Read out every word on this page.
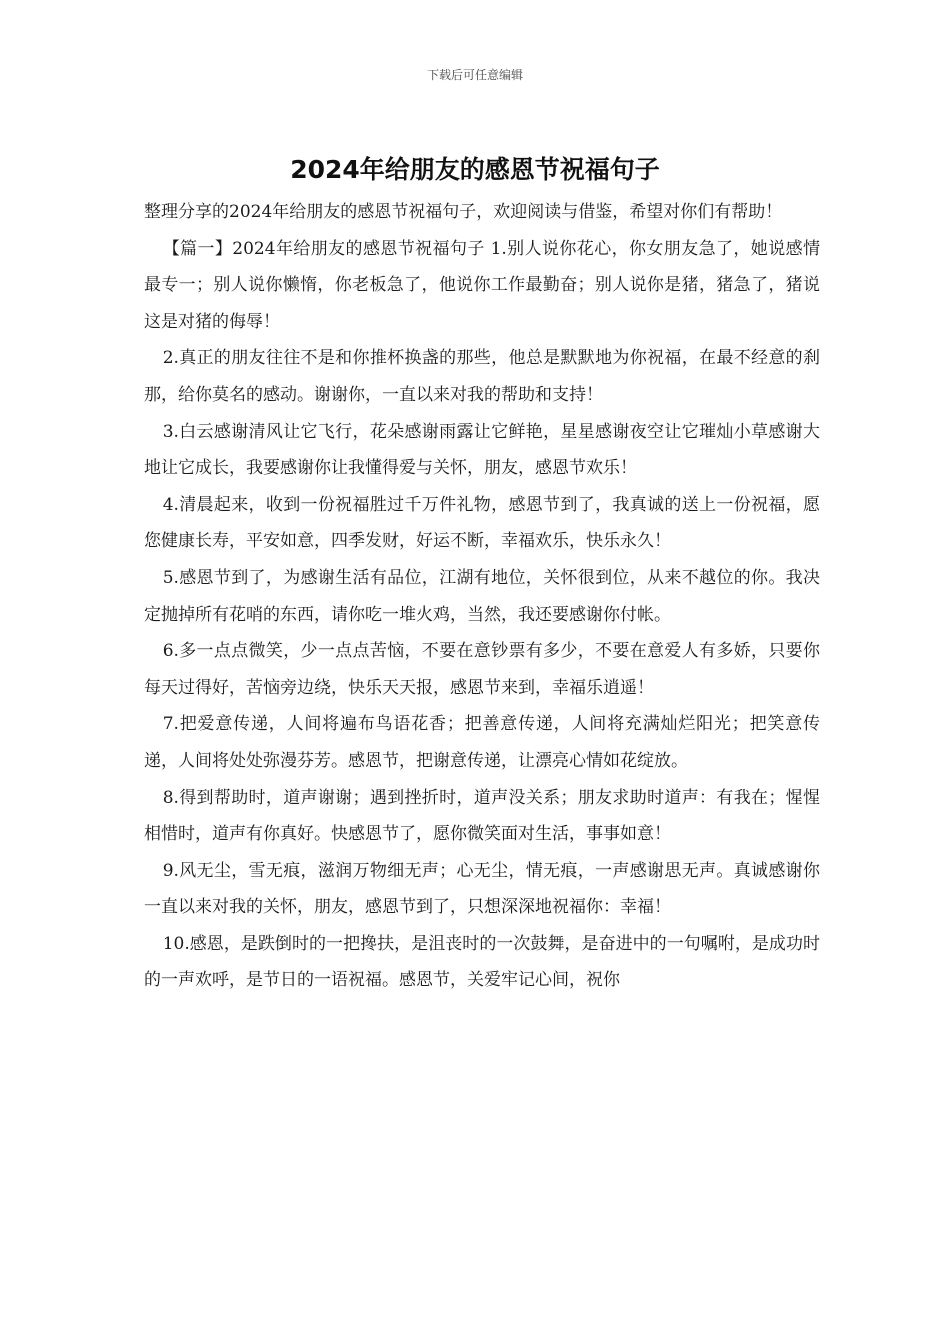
下载后可任意编辑
2024年给朋友的感恩节祝福句子

整理分享的2024年给朋友的感恩节祝福句子，欢迎阅读与借鉴，希望对你们有帮助！

【篇一】2024年给朋友的感恩节祝福句子 1.别人说你花心，你女朋友急了，她说感情最专一；别人说你懒惰，你老板急了，他说你工作最勤奋；别人说你是猪，猪急了，猪说这是对猪的侮辱！

2.真正的朋友往往不是和你推杯换盏的那些，他总是默默地为你祝福，在最不经意的刹那，给你莫名的感动。谢谢你，一直以来对我的帮助和支持！

3.白云感谢清风让它飞行，花朵感谢雨露让它鲜艳，星星感谢夜空让它璀灿小草感谢大地让它成长，我要感谢你让我懂得爱与关怀，朋友，感恩节欢乐！

4.清晨起来，收到一份祝福胜过千万件礼物，感恩节到了，我真诚的送上一份祝福，愿您健康长寿，平安如意，四季发财，好运不断，幸福欢乐，快乐永久！

5.感恩节到了，为感谢生活有品位，江湖有地位，关怀很到位，从来不越位的你。我决定抛掉所有花哨的东西，请你吃一堆火鸡，当然，我还要感谢你付帐。

6.多一点点微笑，少一点点苦恼，不要在意钞票有多少，不要在意爱人有多娇，只要你每天过得好，苦恼旁边绕，快乐天天报，感恩节来到，幸福乐逍遥！

7.把爱意传递，人间将遍布鸟语花香；把善意传递，人间将充满灿烂阳光；把笑意传递，人间将处处弥漫芬芳。感恩节，把谢意传递，让漂亮心情如花绽放。

8.得到帮助时，道声谢谢；遇到挫折时，道声没关系；朋友求助时道声：有我在；惺惺相惜时，道声有你真好。快感恩节了，愿你微笑面对生活，事事如意！

9.风无尘，雪无痕，滋润万物细无声；心无尘，情无痕，一声感谢思无声。真诚感谢你一直以来对我的关怀，朋友，感恩节到了，只想深深地祝福你：幸福！

10.感恩，是跌倒时的一把搀扶，是沮丧时的一次鼓舞，是奋进中的一句嘱咐，是成功时的一声欢呼，是节日的一语祝福。感恩节，关爱牢记心间，祝你
